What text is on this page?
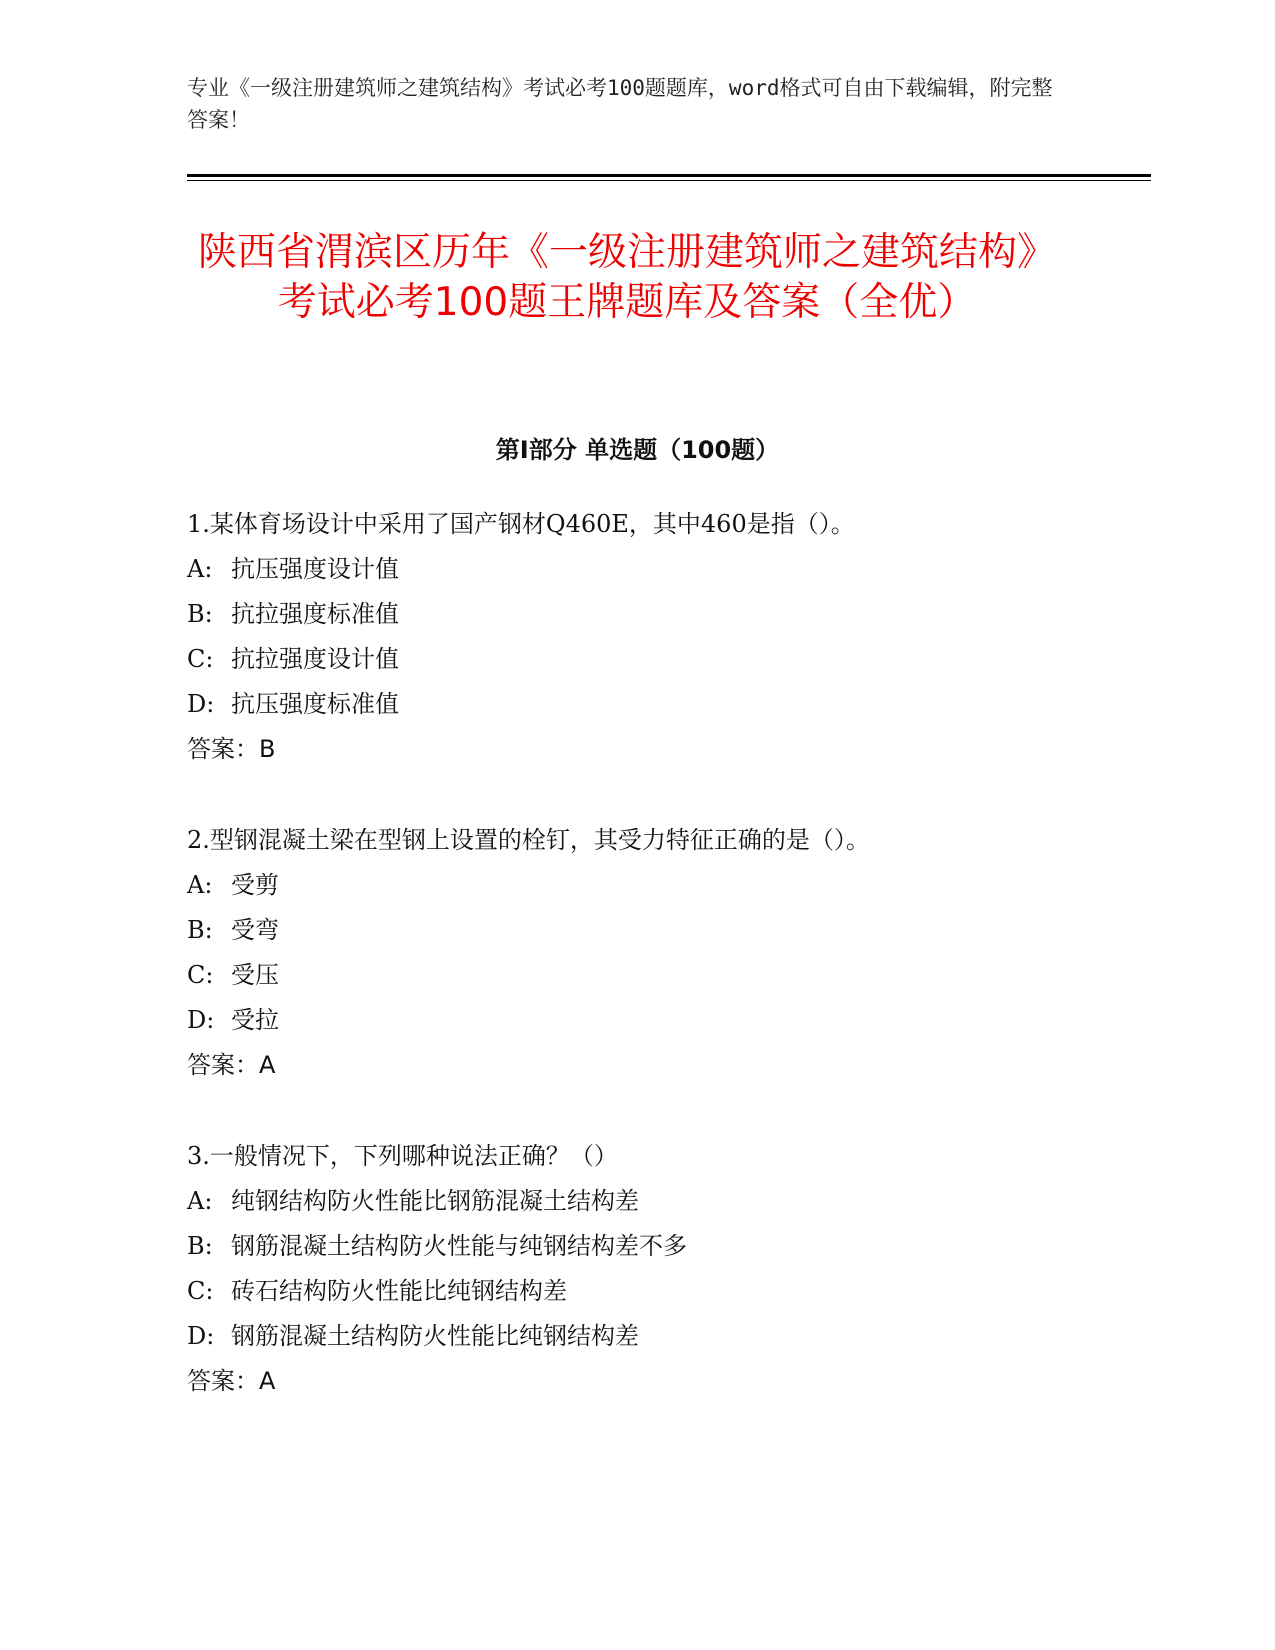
专业《一级注册建筑师之建筑结构》考试必考100题题库，word格式可自由下载编辑，附完整答案！
陕西省渭滨区历年《一级注册建筑师之建筑结构》考试必考100题王牌题库及答案（全优）
第I部分 单选题（100题）
1.某体育场设计中采用了国产钢材Q460E，其中460是指（）。
A: 抗压强度设计值
B: 抗拉强度标准值
C: 抗拉强度设计值
D: 抗压强度标准值
答案：B
2.型钢混凝土梁在型钢上设置的栓钉，其受力特征正确的是（）。
A: 受剪
B: 受弯
C: 受压
D: 受拉
答案：A
3.一般情况下，下列哪种说法正确？（）
A: 纯钢结构防火性能比钢筋混凝土结构差
B: 钢筋混凝土结构防火性能与纯钢结构差不多
C: 砖石结构防火性能比纯钢结构差
D: 钢筋混凝土结构防火性能比纯钢结构差
答案：A
